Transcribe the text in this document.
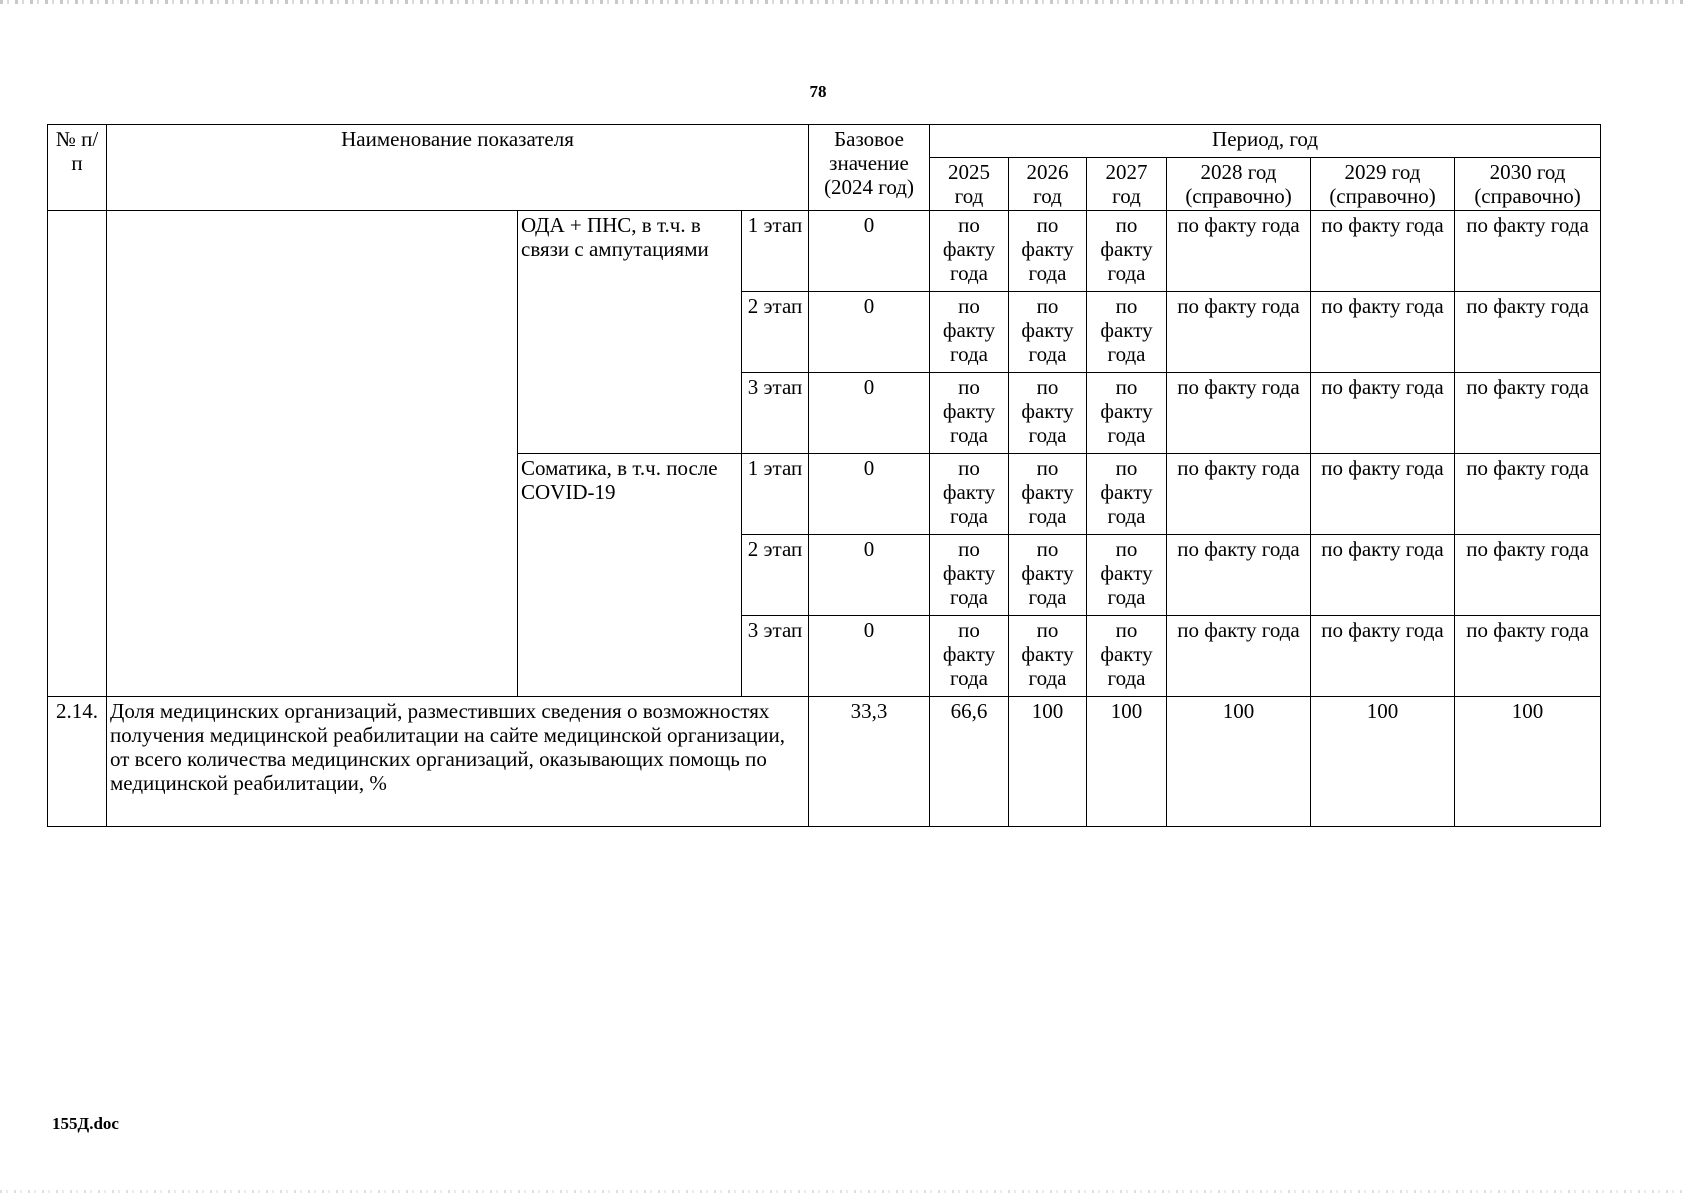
78
№ п/п	Наименование показателя			Базовое значение (2024 год)	Период, год					
					2025 год	2026 год	2027 год	2028 год (справочно)	2029 год (справочно)	2030 год (справочно)
		ОДА + ПНС, в т.ч. в связи с ампутациями	1 этап	0	по факту года	по факту года	по факту года	по факту года	по факту года	по факту года
			2 этап	0	по факту года	по факту года	по факту года	по факту года	по факту года	по факту года
			3 этап	0	по факту года	по факту года	по факту года	по факту года	по факту года	по факту года
		Соматика, в т.ч. после COVID-19	1 этап	0	по факту года	по факту года	по факту года	по факту года	по факту года	по факту года
			2 этап	0	по факту года	по факту года	по факту года	по факту года	по факту года	по факту года
			3 этап	0	по факту года	по факту года	по факту года	по факту года	по факту года	по факту года
2.14.	Доля медицинских организаций, разместивших сведения о возможностях получения медицинской реабилитации на сайте медицинской организации, от всего количества медицинских организаций, оказывающих помощь по медицинской реабилитации, %			33,3	66,6	100	100	100	100	100
155Д.doc
